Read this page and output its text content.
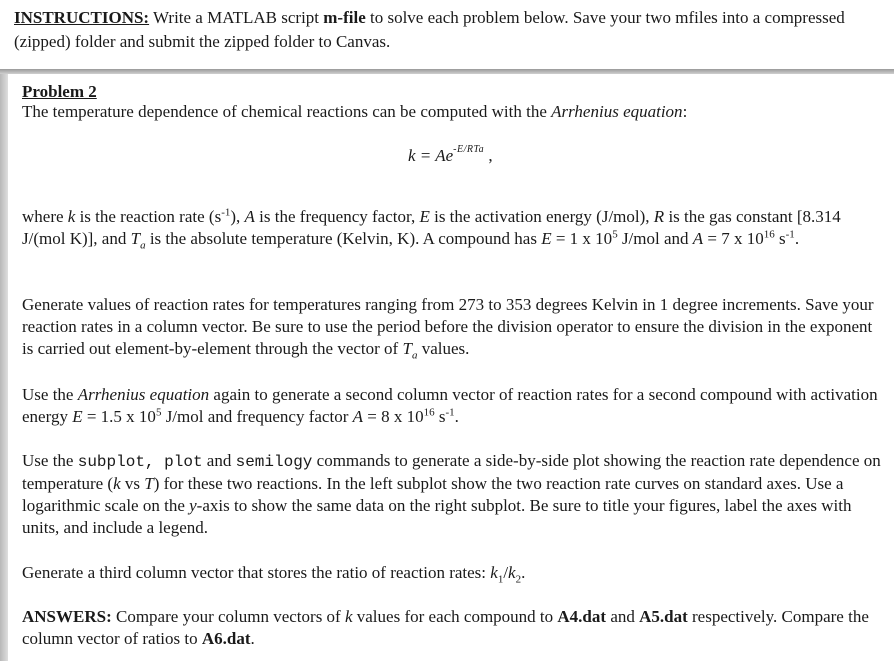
INSTRUCTIONS: Write a MATLAB script m-file to solve each problem below. Save your two mfiles into a compressed (zipped) folder and submit the zipped folder to Canvas.
Problem 2
The temperature dependence of chemical reactions can be computed with the Arrhenius equation:
$k = Ae^{-E/RTa}$ ,
where k is the reaction rate $(s^{-1})$, A is the frequency factor, E is the activation energy (J/mol), R is the gas constant [8.314 J/(mol K)], and $T_a$ is the absolute temperature (Kelvin, K). A compound has E = 1 x $10^5$ J/mol and A = 7 x $10^{16}$ $s^{-1}$.
Generate values of reaction rates for temperatures ranging from 273 to 353 degrees Kelvin in 1 degree increments. Save your reaction rates in a column vector. Be sure to use the period before the division operator to ensure the division in the exponent is carried out element-by-element through the vector of $T_a$ values.
Use the Arrhenius equation again to generate a second column vector of reaction rates for a second compound with activation energy E = 1.5 x $10^5$ J/mol and frequency factor A = 8 x $10^{16}$ $s^{-1}$.
Use the subplot, plot and semilogy commands to generate a side-by-side plot showing the reaction rate dependence on temperature (k vs T) for these two reactions. In the left subplot show the two reaction rate curves on standard axes. Use a logarithmic scale on the y-axis to show the same data on the right subplot. Be sure to title your figures, label the axes with units, and include a legend.
Generate a third column vector that stores the ratio of reaction rates: $k_1/k_2$.
ANSWERS: Compare your column vectors of k values for each compound to A4.dat and A5.dat respectively. Compare the column vector of ratios to A6.dat.
